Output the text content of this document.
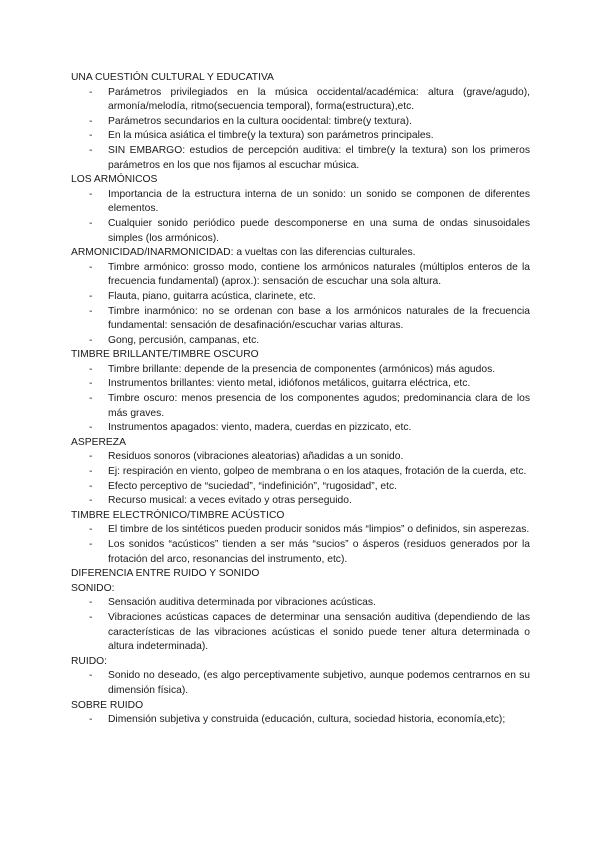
UNA CUESTIÓN CULTURAL Y EDUCATIVA
- Parámetros privilegiados en la música occidental/académica: altura (grave/agudo), armonía/melodía, ritmo(secuencia temporal), forma(estructura),etc.
- Parámetros secundarios en la cultura oocidental: timbre(y textura).
- En la música asiática el timbre(y la textura) son parámetros principales.
- SIN EMBARGO: estudios de percepción auditiva: el timbre(y la textura) son los primeros parámetros en los que nos fijamos al escuchar música.
LOS ARMÓNICOS
- Importancia de la estructura interna de un sonido: un sonido se componen de diferentes elementos.
- Cualquier sonido periódico puede descomponerse en una suma de ondas sinusoidales simples (los armónicos).
ARMONICIDAD/INARMONICIDAD: a vueltas con las diferencias culturales.
- Timbre armónico: grosso modo, contiene los armónicos naturales (múltiplos enteros de la frecuencia fundamental) (aprox.): sensación de escuchar una sola altura.
- Flauta, piano, guitarra acústica, clarinete, etc.
- Timbre inarmónico: no se ordenan con base a los armónicos naturales de la frecuencia fundamental: sensación de desafinación/escuchar varias alturas.
- Gong, percusión, campanas, etc.
TIMBRE BRILLANTE/TIMBRE OSCURO
- Timbre brillante: depende de la presencia de componentes (armónicos) más agudos.
- Instrumentos brillantes: viento metal, idiófonos metálicos, guitarra eléctrica, etc.
- Timbre oscuro: menos presencia de los componentes agudos; predominancia clara de los más graves.
- Instrumentos apagados: viento, madera, cuerdas en pizzicato, etc.
ASPEREZA
- Residuos sonoros (vibraciones aleatorias) añadidas a un sonido.
- Ej: respiración en viento, golpeo de membrana o en los ataques, frotación de la cuerda, etc.
- Efecto perceptivo de “suciedad”, “indefinición”, “rugosidad”, etc.
- Recurso musical: a veces evitado y otras perseguido.
TIMBRE ELECTRÓNICO/TIMBRE ACÚSTICO
- El timbre de los sintéticos pueden producir sonidos más “limpios” o definidos, sin asperezas.
- Los sonidos “acústicos” tienden a ser más “sucios” o ásperos (residuos generados por la frotación del arco, resonancias del instrumento, etc).
DIFERENCIA ENTRE RUIDO Y SONIDO
SONIDO:
- Sensación auditiva determinada por vibraciones acústicas.
- Vibraciones acústicas capaces de determinar una sensación auditiva (dependiendo de las características de las vibraciones acústicas el sonido puede tener altura determinada o altura indeterminada).
RUIDO:
- Sonido no deseado, (es algo perceptivamente subjetivo, aunque podemos centrarnos en su dimensión física).
SOBRE RUIDO
- Dimensión subjetiva y construida (educación, cultura, sociedad historia, economía,etc);
